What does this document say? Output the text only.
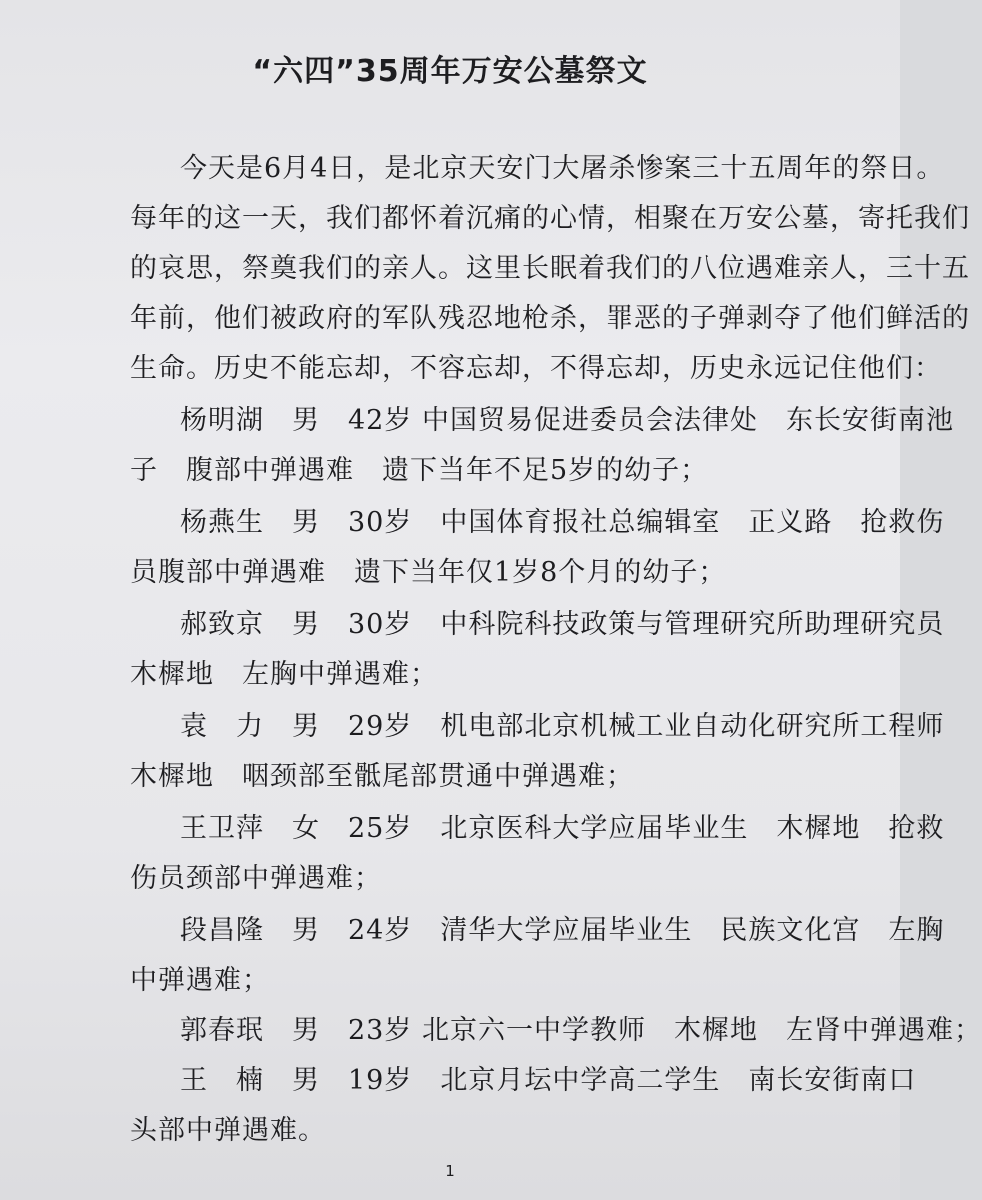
“六四”35周年万安公墓祭文
今天是6月4日，是北京天安门大屠杀惨案三十五周年的祭日。
每年的这一天，我们都怀着沉痛的心情，相聚在万安公墓，寄托我们
的哀思，祭奠我们的亲人。这里长眠着我们的八位遇难亲人，三十五
年前，他们被政府的军队残忍地枪杀，罪恶的子弹剥夺了他们鲜活的
生命。历史不能忘却，不容忘却，不得忘却，历史永远记住他们：
杨明湖　男　42岁 中国贸易促进委员会法律处　东长安街南池
子　腹部中弹遇难　遗下当年不足5岁的幼子；
杨燕生　男　30岁　中国体育报社总编辑室　正义路　抢救伤
员腹部中弹遇难　遗下当年仅1岁8个月的幼子；
郝致京　男　30岁　中科院科技政策与管理研究所助理研究员
木樨地　左胸中弹遇难；
袁　力　男　29岁　机电部北京机械工业自动化研究所工程师
木樨地　咽颈部至骶尾部贯通中弹遇难；
王卫萍　女　25岁　北京医科大学应届毕业生　木樨地　抢救
伤员颈部中弹遇难；
段昌隆　男　24岁　清华大学应届毕业生　民族文化宫　左胸
中弹遇难；
郭春珉　男　23岁 北京六一中学教师　木樨地　左肾中弹遇难；
王　楠　男　19岁　北京月坛中学高二学生　南长安街南口
头部中弹遇难。
1
